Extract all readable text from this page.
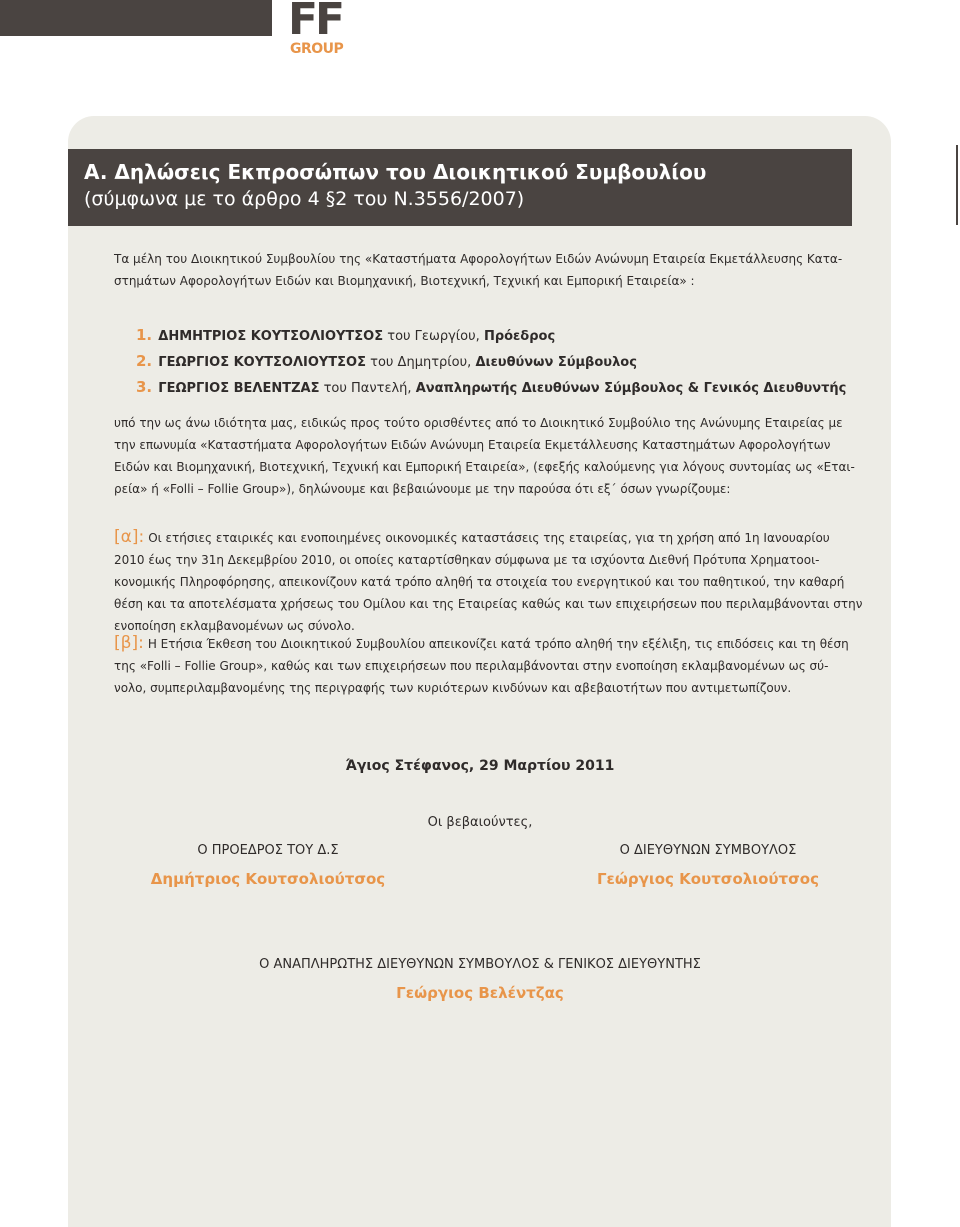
FF
GROUP
A. Δηλώσεις Εκπροσώπων του Διοικητικού Συμβουλίου
(σύμφωνα με το άρθρο 4 §2 του Ν.3556/2007)
Τα μέλη του Διοικητικού Συμβουλίου της «Καταστήματα Αφορολογήτων Ειδών Ανώνυμη Εταιρεία Εκμετάλλευσης Κατα-
στημάτων Αφορολογήτων Ειδών και Βιομηχανική, Βιοτεχνική, Τεχνική και Εμπορική Εταιρεία» :
1. ΔΗΜΗΤΡΙΟΣ ΚΟΥΤΣΟΛΙΟΥΤΣΟΣ του Γεωργίου, Πρόεδρος
2. ΓΕΩΡΓΙΟΣ ΚΟΥΤΣΟΛΙΟΥΤΣΟΣ του Δημητρίου, Διευθύνων Σύμβουλος
3. ΓΕΩΡΓΙΟΣ ΒΕΛΕΝΤΖΑΣ του Παντελή, Αναπληρωτής Διευθύνων Σύμβουλος & Γενικός Διευθυντής
υπό την ως άνω ιδιότητα μας, ειδικώς προς τούτο ορισθέντες από το Διοικητικό Συμβούλιο της Ανώνυμης Εταιρείας με
την επωνυμία «Καταστήματα Αφορολογήτων Ειδών Ανώνυμη Εταιρεία Εκμετάλλευσης Καταστημάτων Αφορολογήτων
Ειδών και Βιομηχανική, Βιοτεχνική, Τεχνική και Εμπορική Εταιρεία», (εφεξής καλούμενης για λόγους συντομίας ως «Εται-
ρεία» ή «Folli – Follie Group»), δηλώνουμε και βεβαιώνουμε με την παρούσα ότι εξ΄ όσων γνωρίζουμε:
[α]: Οι ετήσιες εταιρικές και ενοποιημένες οικονομικές καταστάσεις της εταιρείας, για τη χρήση από 1η Ιανουαρίου
2010 έως την 31η Δεκεμβρίου 2010, οι οποίες καταρτίσθηκαν σύμφωνα με τα ισχύοντα Διεθνή Πρότυπα Χρηματοοι-
κονομικής Πληροφόρησης, απεικονίζουν κατά τρόπο αληθή τα στοιχεία του ενεργητικού και του παθητικού, την καθαρή
θέση και τα αποτελέσματα χρήσεως του Ομίλου και της Εταιρείας καθώς και των επιχειρήσεων που περιλαμβάνονται στην
ενοποίηση εκλαμβανομένων ως σύνολο.
[β]: Η Ετήσια Έκθεση του Διοικητικού Συμβουλίου απεικονίζει κατά τρόπο αληθή την εξέλιξη, τις επιδόσεις και τη θέση
της «Folli – Follie Group», καθώς και των επιχειρήσεων που περιλαμβάνονται στην ενοποίηση εκλαμβανομένων ως σύ-
νολο, συμπεριλαμβανομένης της περιγραφής των κυριότερων κινδύνων και αβεβαιοτήτων που αντιμετωπίζουν.
Άγιος Στέφανος, 29 Μαρτίου 2011
Οι βεβαιούντες,
Ο ΠΡΟΕΔΡΟΣ ΤΟΥ Δ.Σ
Δημήτριος Κουτσολιούτσος
Ο ΔΙΕΥΘΥΝΩΝ ΣΥΜΒΟΥΛΟΣ
Γεώργιος Κουτσολιούτσος
Ο ΑΝΑΠΛΗΡΩΤΗΣ ΔΙΕΥΘΥΝΩΝ ΣΥΜΒΟΥΛΟΣ & ΓΕΝΙΚΟΣ ΔΙΕΥΘΥΝΤΗΣ
Γεώργιος Βελέντζας
